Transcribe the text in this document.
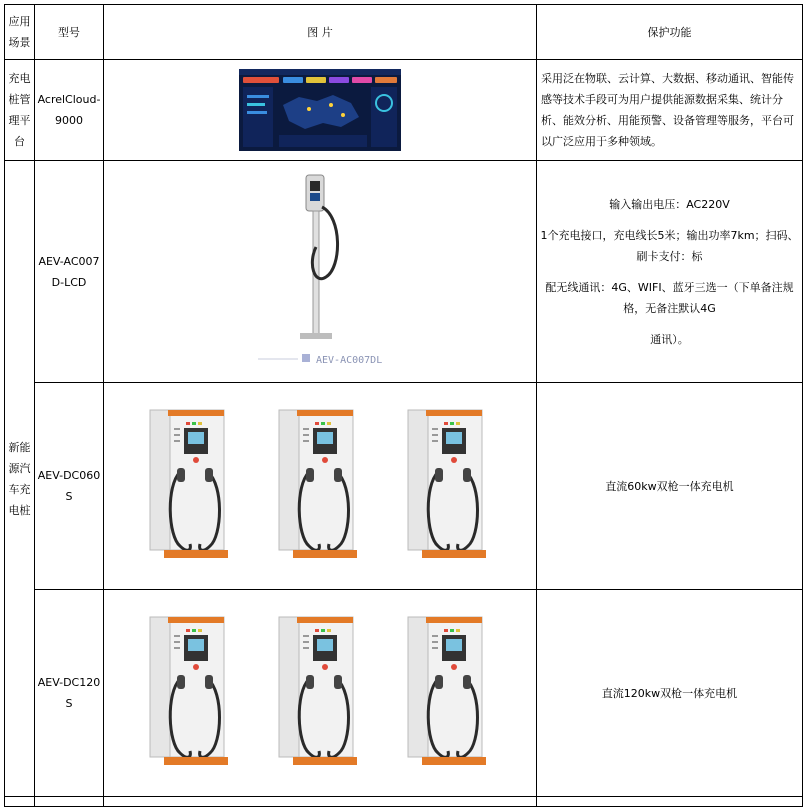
应用场景	型号	图 片	保护功能
充电桩管理平台	AcrelCloud-9000		采用泛在物联、云计算、大数据、移动通讯、智能传感等技术手段可为用户提供能源数据采集、统计分析、能效分析、用能预警、设备管理等服务，平台可以广泛应用于多种领域。

新能源汽车充电桩	AEV-AC007D-LCD	AEV-AC007DL	输入输出电压：AC220V

1个充电接口，充电线长5米；输出功率7km；扫码、刷卡支付：标

配无线通讯：4G、WIFI、蓝牙三选一（下单备注规格，无备注默认4G

通讯）。

	AEV-DC060S		直流60kw双枪一体充电机

	AEV-DC120S		直流120kw双枪一体充电机
